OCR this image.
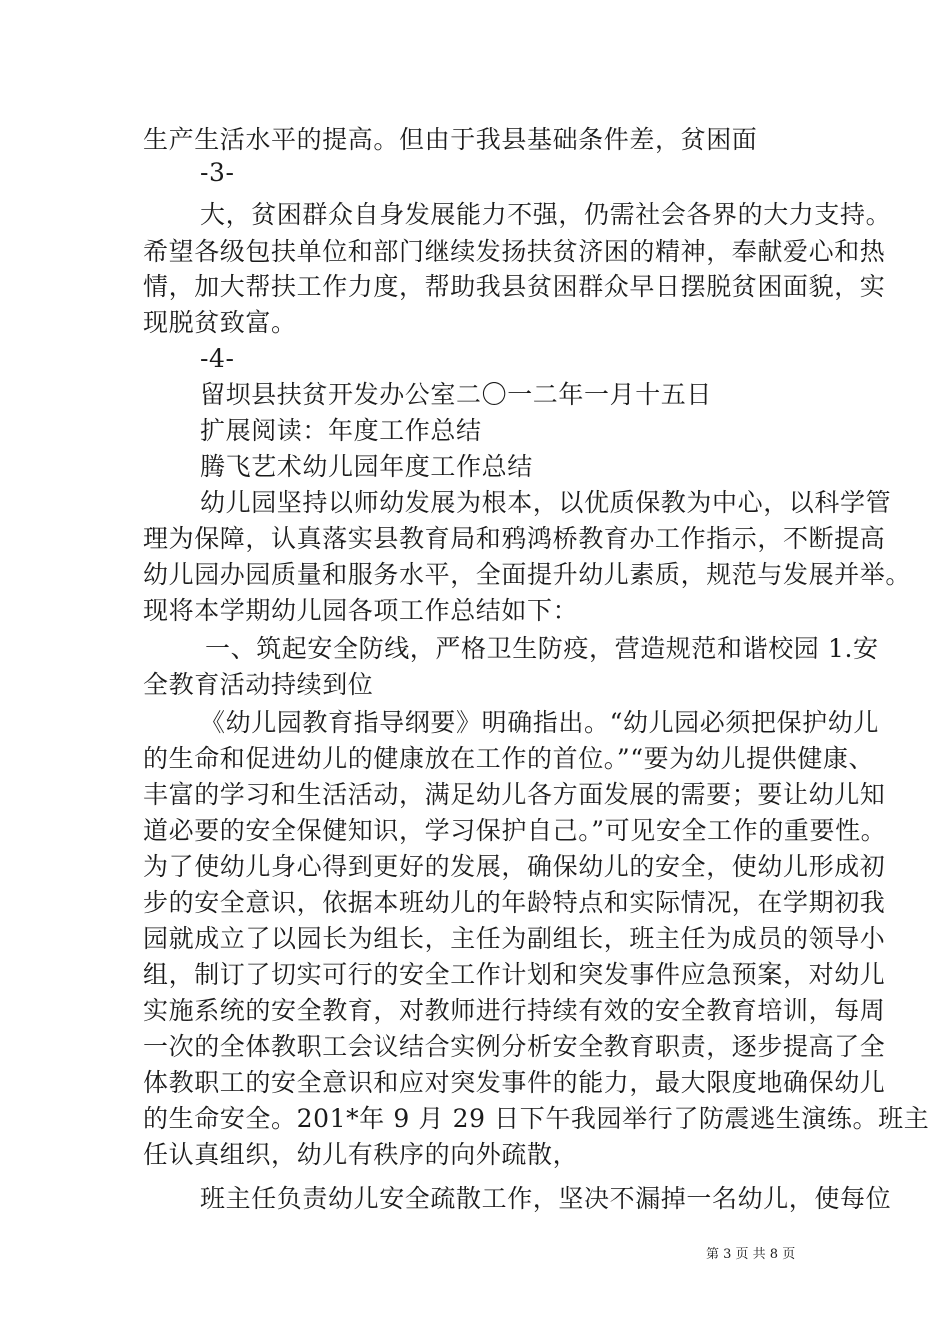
生产生活水平的提高。但由于我县基础条件差，贫困面
-3-
大，贫困群众自身发展能力不强，仍需社会各界的大力支持。
希望各级包扶单位和部门继续发扬扶贫济困的精神，奉献爱心和热
情，加大帮扶工作力度，帮助我县贫困群众早日摆脱贫困面貌，实
现脱贫致富。
-4-
留坝县扶贫开发办公室二〇一二年一月十五日
扩展阅读：年度工作总结
腾飞艺术幼儿园年度工作总结
幼儿园坚持以师幼发展为根本，以优质保教为中心，以科学管
理为保障，认真落实县教育局和鸦鸿桥教育办工作指示，不断提高
幼儿园办园质量和服务水平，全面提升幼儿素质，规范与发展并举。
现将本学期幼儿园各项工作总结如下：
一、筑起安全防线，严格卫生防疫，营造规范和谐校园 1.安
全教育活动持续到位
《幼儿园教育指导纲要》明确指出。“幼儿园必须把保护幼儿
的生命和促进幼儿的健康放在工作的首位。”“要为幼儿提供健康、
丰富的学习和生活活动，满足幼儿各方面发展的需要；要让幼儿知
道必要的安全保健知识，学习保护自己。”可见安全工作的重要性。
为了使幼儿身心得到更好的发展，确保幼儿的安全，使幼儿形成初
步的安全意识，依据本班幼儿的年龄特点和实际情况，在学期初我
园就成立了以园长为组长，主任为副组长，班主任为成员的领导小
组，制订了切实可行的安全工作计划和突发事件应急预案，对幼儿
实施系统的安全教育，对教师进行持续有效的安全教育培训，每周
一次的全体教职工会议结合实例分析安全教育职责，逐步提高了全
体教职工的安全意识和应对突发事件的能力，最大限度地确保幼儿
的生命安全。201*年 9 月 29 日下午我园举行了防震逃生演练。班主
任认真组织，幼儿有秩序的向外疏散，
班主任负责幼儿安全疏散工作，坚决不漏掉一名幼儿，使每位
第 3 页 共 8 页
